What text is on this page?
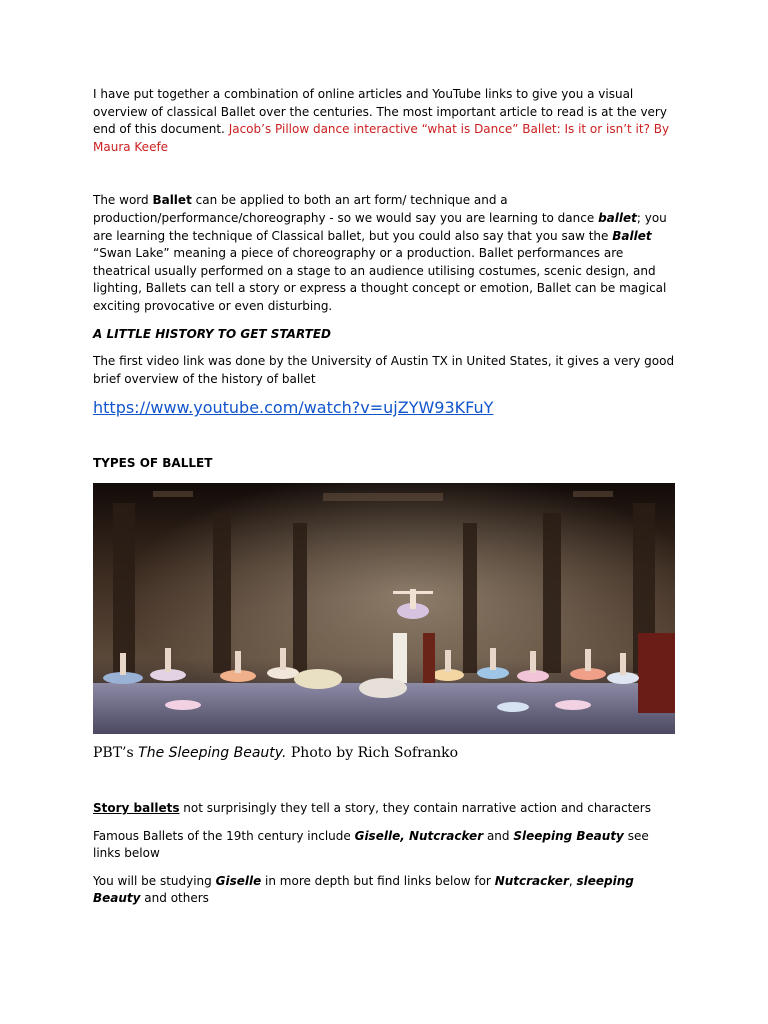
I have put together a combination of online articles and YouTube links to give you a visual overview of classical Ballet over the centuries. The most important article to read is at the very end of this document. Jacob’s Pillow dance interactive “what is Dance” Ballet: Is it or isn’t it? By Maura Keefe

The word Ballet can be applied to both an art form/ technique and a production/performance/choreography - so we would say you are learning to dance ballet; you are learning the technique of Classical ballet, but you could also say that you saw the Ballet “Swan Lake” meaning a piece of choreography or a production. Ballet performances are theatrical usually performed on a stage to an audience utilising costumes, scenic design, and lighting, Ballets can tell a story or express a thought concept or emotion, Ballet can be magical exciting provocative or even disturbing.

A LITTLE HISTORY TO GET STARTED

The first video link was done by the University of Austin TX in United States, it gives a very good brief overview of the history of ballet

https://www.youtube.com/watch?v=ujZYW93KFuY

TYPES OF BALLET

PBT’s The Sleeping Beauty. Photo by Rich Sofranko

Story ballets not surprisingly they tell a story, they contain narrative action and characters

Famous Ballets of the 19th century include Giselle, Nutcracker and Sleeping Beauty see links below

You will be studying Giselle in more depth but find links below for Nutcracker, sleeping Beauty and others
